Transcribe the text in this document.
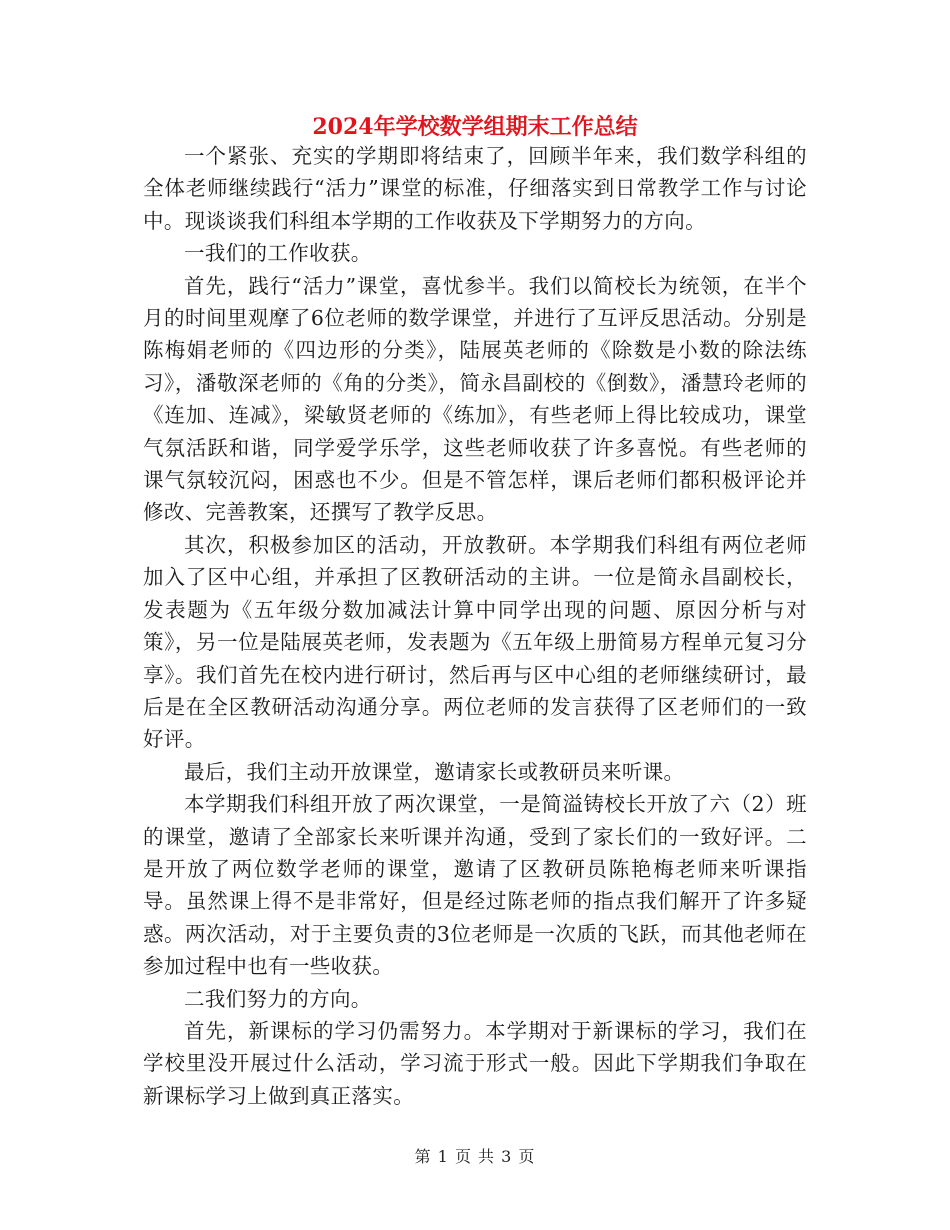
2024年学校数学组期末工作总结

一个紧张、充实的学期即将结束了，回顾半年来，我们数学科组的全体老师继续践行“活力”课堂的标准，仔细落实到日常教学工作与讨论中。现谈谈我们科组本学期的工作收获及下学期努力的方向。

一我们的工作收获。

首先，践行“活力”课堂，喜忧参半。我们以简校长为统领，在半个月的时间里观摩了6位老师的数学课堂，并进行了互评反思活动。分别是陈梅娟老师的《四边形的分类》，陆展英老师的《除数是小数的除法练习》，潘敬深老师的《角的分类》，简永昌副校的《倒数》，潘慧玲老师的《连加、连减》，梁敏贤老师的《练加》，有些老师上得比较成功，课堂气氛活跃和谐，同学爱学乐学，这些老师收获了许多喜悦。有些老师的课气氛较沉闷，困惑也不少。但是不管怎样，课后老师们都积极评论并修改、完善教案，还撰写了教学反思。

其次，积极参加区的活动，开放教研。本学期我们科组有两位老师加入了区中心组，并承担了区教研活动的主讲。一位是简永昌副校长，发表题为《五年级分数加减法计算中同学出现的问题、原因分析与对策》，另一位是陆展英老师，发表题为《五年级上册简易方程单元复习分享》。我们首先在校内进行研讨，然后再与区中心组的老师继续研讨，最后是在全区教研活动沟通分享。两位老师的发言获得了区老师们的一致好评。

最后，我们主动开放课堂，邀请家长或教研员来听课。

本学期我们科组开放了两次课堂，一是简溢铸校长开放了六（2）班的课堂，邀请了全部家长来听课并沟通，受到了家长们的一致好评。二是开放了两位数学老师的课堂，邀请了区教研员陈艳梅老师来听课指导。虽然课上得不是非常好，但是经过陈老师的指点我们解开了许多疑惑。两次活动，对于主要负责的3位老师是一次质的飞跃，而其他老师在参加过程中也有一些收获。

二我们努力的方向。

首先，新课标的学习仍需努力。本学期对于新课标的学习，我们在学校里没开展过什么活动，学习流于形式一般。因此下学期我们争取在新课标学习上做到真正落实。

第 1 页 共 3 页
